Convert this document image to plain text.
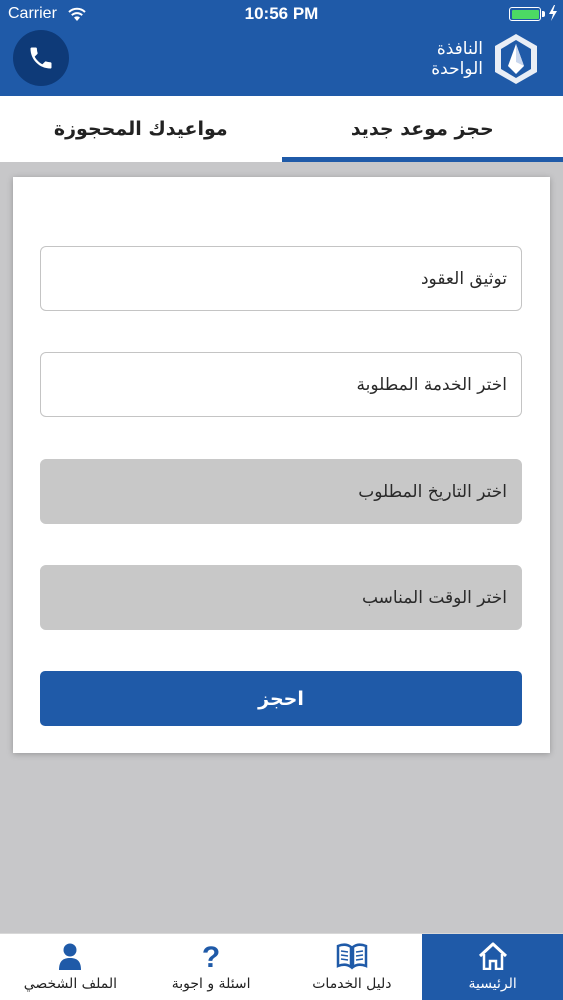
Carrier	10:56 PM
النافذة
الواحدة
مواعيدك المحجوزة	حجز موعد جديد
توثيق العقود
اختر الخدمة المطلوبة
اختر التاريخ المطلوب
اختر الوقت المناسب
احجز
الملف الشخصي
?
اسئلة و اجوبة	دليل الخدمات	الرئيسية
